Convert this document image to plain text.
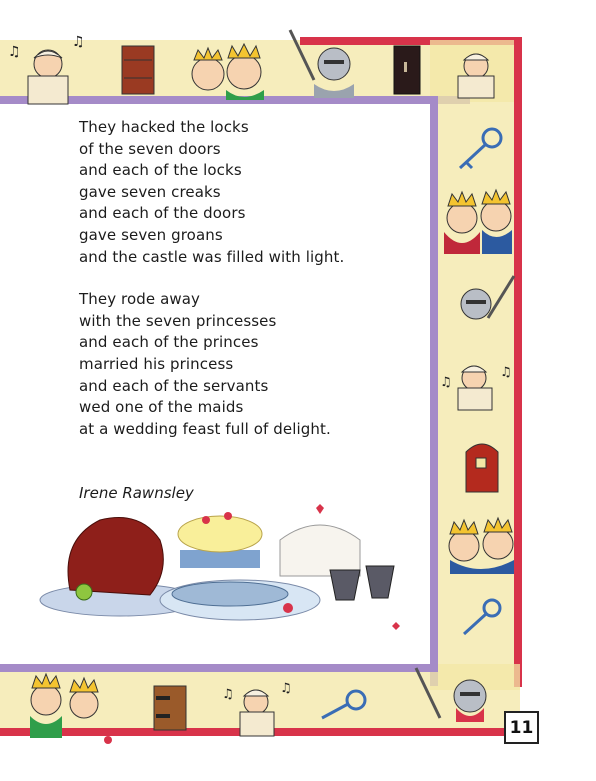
♫
♫
♫
♫
♫	♫

They hacked the locks
of the seven doors
and each of the locks
gave seven creaks
and each of the doors
gave seven groans
and the castle was filled with light.

They rode away
with the seven princesses
and each of the princes
married his princess
and each of the servants
wed one of the maids
at a wedding feast full of delight.

Irene Rawnsley
11
